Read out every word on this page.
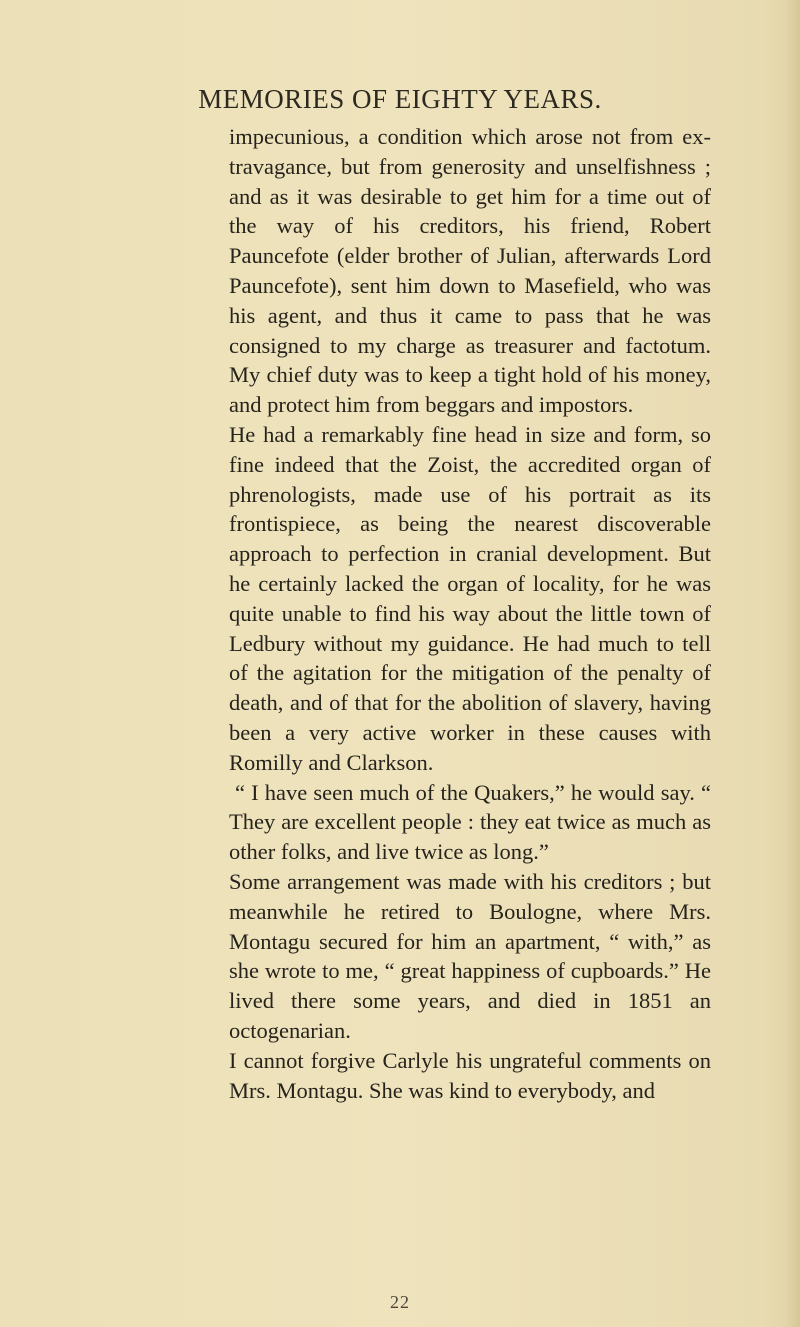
MEMORIES OF EIGHTY YEARS.

impecunious, a condition which arose not from ex-travagance, but from generosity and unselfishness ; and as it was desirable to get him for a time out of the way of his creditors, his friend, Robert Pauncefote (elder brother of Julian, afterwards Lord Pauncefote), sent him down to Masefield, who was his agent, and thus it came to pass that he was consigned to my charge as treasurer and factotum. My chief duty was to keep a tight hold of his money, and protect him from beggars and impostors.

He had a remarkably fine head in size and form, so fine indeed that the Zoist, the accredited organ of phrenologists, made use of his portrait as its frontispiece, as being the nearest discoverable approach to perfection in cranial development. But he certainly lacked the organ of locality, for he was quite unable to find his way about the little town of Ledbury without my guidance. He had much to tell of the agitation for the mitigation of the penalty of death, and of that for the abolition of slavery, having been a very active worker in these causes with Romilly and Clarkson.

“ I have seen much of the Quakers,” he would say. “ They are excellent people : they eat twice as much as other folks, and live twice as long.”

Some arrangement was made with his creditors ; but meanwhile he retired to Boulogne, where Mrs. Montagu secured for him an apartment, “ with,” as she wrote to me, “ great happiness of cupboards.” He lived there some years, and died in 1851 an octogenarian.

I cannot forgive Carlyle his ungrateful comments on Mrs. Montagu. She was kind to everybody, and

22
